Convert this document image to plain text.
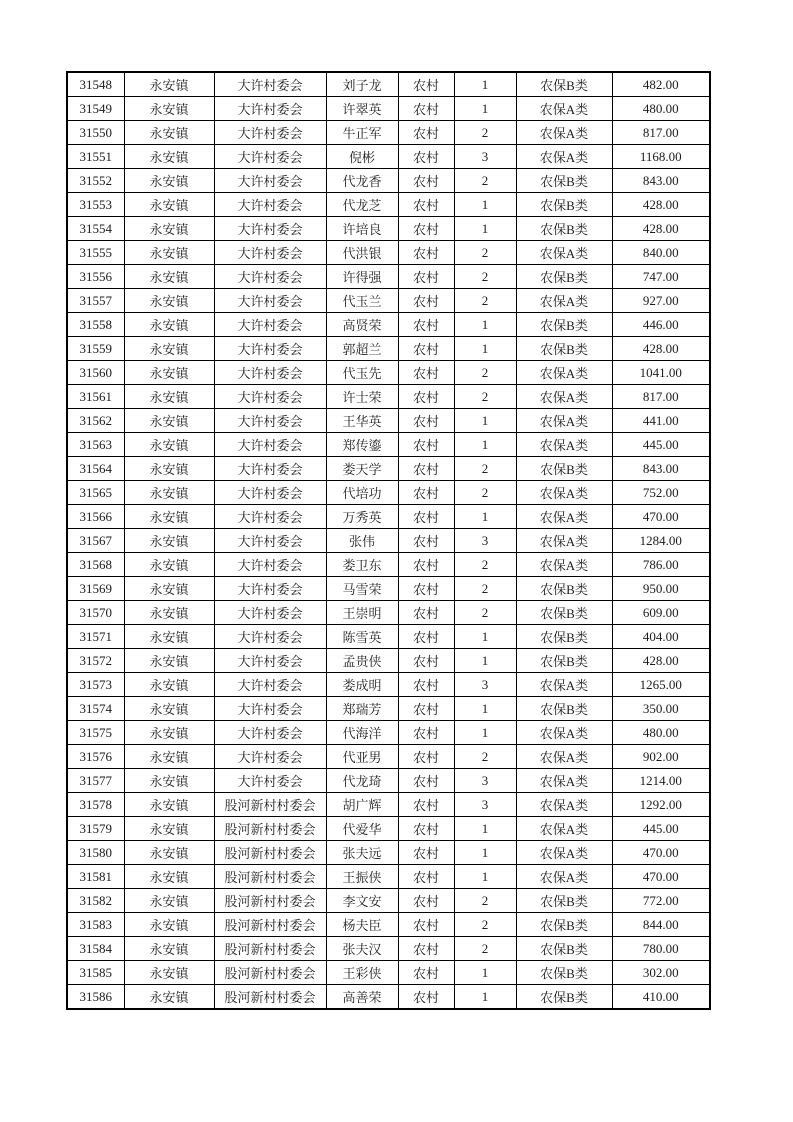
31548	永安镇	大许村委会	刘子龙	农村	1	农保B类	482.00
31549	永安镇	大许村委会	许翠英	农村	1	农保A类	480.00
31550	永安镇	大许村委会	牛正军	农村	2	农保A类	817.00
31551	永安镇	大许村委会	倪彬	农村	3	农保A类	1168.00
31552	永安镇	大许村委会	代龙香	农村	2	农保B类	843.00
31553	永安镇	大许村委会	代龙芝	农村	1	农保B类	428.00
31554	永安镇	大许村委会	许培良	农村	1	农保B类	428.00
31555	永安镇	大许村委会	代洪银	农村	2	农保A类	840.00
31556	永安镇	大许村委会	许得强	农村	2	农保B类	747.00
31557	永安镇	大许村委会	代玉兰	农村	2	农保A类	927.00
31558	永安镇	大许村委会	高贤荣	农村	1	农保B类	446.00
31559	永安镇	大许村委会	郭超兰	农村	1	农保B类	428.00
31560	永安镇	大许村委会	代玉先	农村	2	农保A类	1041.00
31561	永安镇	大许村委会	许士荣	农村	2	农保A类	817.00
31562	永安镇	大许村委会	王华英	农村	1	农保A类	441.00
31563	永安镇	大许村委会	郑传鎏	农村	1	农保A类	445.00
31564	永安镇	大许村委会	娄天学	农村	2	农保B类	843.00
31565	永安镇	大许村委会	代培功	农村	2	农保A类	752.00
31566	永安镇	大许村委会	万秀英	农村	1	农保A类	470.00
31567	永安镇	大许村委会	张伟	农村	3	农保A类	1284.00
31568	永安镇	大许村委会	娄卫东	农村	2	农保A类	786.00
31569	永安镇	大许村委会	马雪荣	农村	2	农保B类	950.00
31570	永安镇	大许村委会	王崇明	农村	2	农保B类	609.00
31571	永安镇	大许村委会	陈雪英	农村	1	农保B类	404.00
31572	永安镇	大许村委会	孟贵侠	农村	1	农保B类	428.00
31573	永安镇	大许村委会	娄成明	农村	3	农保A类	1265.00
31574	永安镇	大许村委会	郑瑞芳	农村	1	农保B类	350.00
31575	永安镇	大许村委会	代海洋	农村	1	农保A类	480.00
31576	永安镇	大许村委会	代亚男	农村	2	农保A类	902.00
31577	永安镇	大许村委会	代龙琦	农村	3	农保A类	1214.00
31578	永安镇	股河新村村委会	胡广辉	农村	3	农保A类	1292.00
31579	永安镇	股河新村村委会	代爱华	农村	1	农保A类	445.00
31580	永安镇	股河新村村委会	张夫远	农村	1	农保A类	470.00
31581	永安镇	股河新村村委会	王振侠	农村	1	农保A类	470.00
31582	永安镇	股河新村村委会	李文安	农村	2	农保B类	772.00
31583	永安镇	股河新村村委会	杨夫臣	农村	2	农保B类	844.00
31584	永安镇	股河新村村委会	张夫汉	农村	2	农保B类	780.00
31585	永安镇	股河新村村委会	王彩侠	农村	1	农保B类	302.00
31586	永安镇	股河新村村委会	高善荣	农村	1	农保B类	410.00
